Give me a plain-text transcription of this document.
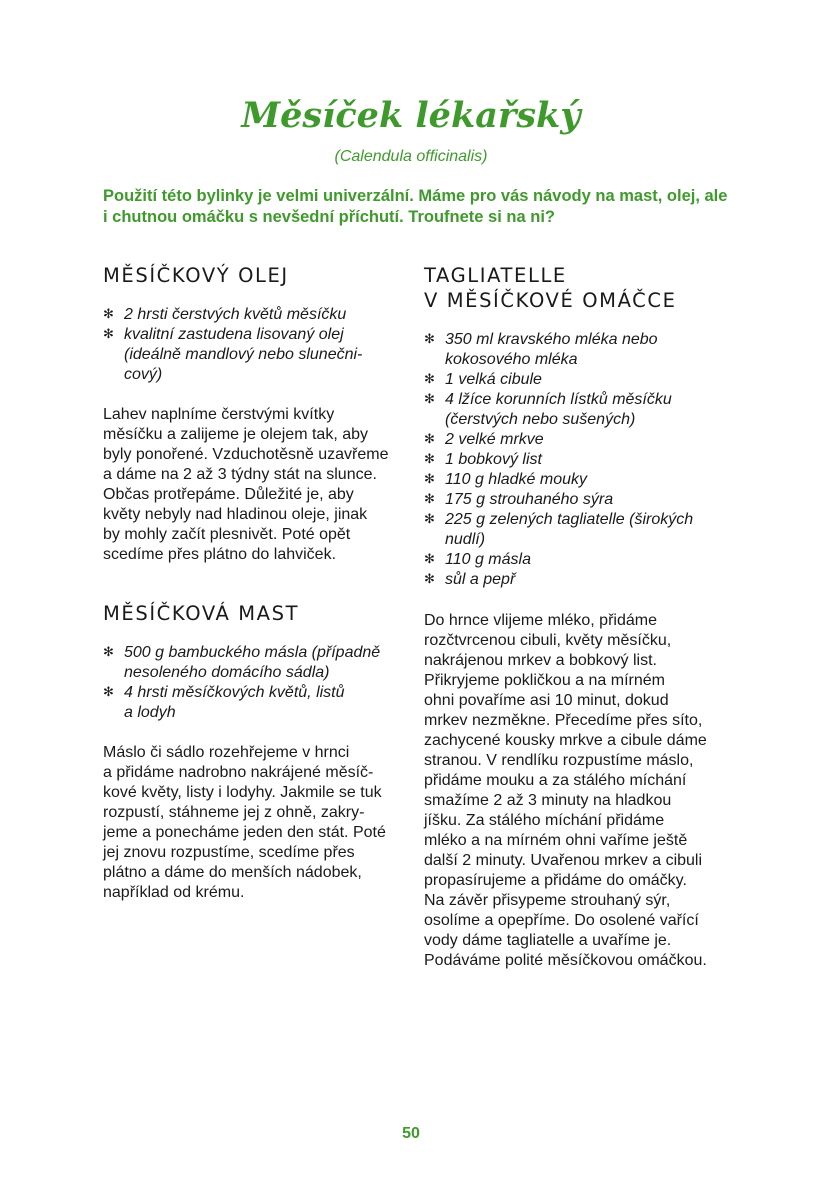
Měsíček lékařský
(Calendula officinalis)

Použití této bylinky je velmi univerzální. Máme pro vás návody na mast, olej, ale
i chutnou omáčku s nevšední příchutí. Troufnete si na ni?

MĚSÍČKOVÝ OLEJ
✻ 2 hrsti čerstvých květů měsíčku
✻ kvalitní zastudena lisovaný olej
(ideálně mandlový nebo slunečni-
cový)

Lahev naplníme čerstvými kvítky
měsíčku a zalijeme je olejem tak, aby
byly ponořené. Vzduchotěsně uzavřeme
a dáme na 2 až 3 týdny stát na slunce.
Občas protřepáme. Důležité je, aby
květy nebyly nad hladinou oleje, jinak
by mohly začít plesnivět. Poté opět
scedíme přes plátno do lahviček.

MĚSÍČKOVÁ MAST
✻ 500 g bambuckého másla (případně
nesoleného domácího sádla)
✻ 4 hrsti měsíčkových květů, listů
a lodyh

Máslo či sádlo rozehřejeme v hrnci
a přidáme nadrobno nakrájené měsíč-
kové květy, listy i lodyhy. Jakmile se tuk
rozpustí, stáhneme jej z ohně, zakry-
jeme a ponecháme jeden den stát. Poté
jej znovu rozpustíme, scedíme přes
plátno a dáme do menších nádobek,
například od krému.

TAGLIATELLE
V MĚSÍČKOVÉ OMÁČCE
✻ 350 ml kravského mléka nebo
kokosového mléka
✻ 1 velká cibule
✻ 4 lžíce korunních lístků měsíčku
(čerstvých nebo sušených)
✻ 2 velké mrkve
✻ 1 bobkový list
✻ 110 g hladké mouky
✻ 175 g strouhaného sýra
✻ 225 g zelených tagliatelle (širokých
nudlí)
✻ 110 g másla
✻ sůl a pepř

Do hrnce vlijeme mléko, přidáme
rozčtvrcenou cibuli, květy měsíčku,
nakrájenou mrkev a bobkový list.
Přikryjeme pokličkou a na mírném
ohni povaříme asi 10 minut, dokud
mrkev nezměkne. Přecedíme přes síto,
zachycené kousky mrkve a cibule dáme
stranou. V rendlíku rozpustíme máslo,
přidáme mouku a za stálého míchání
smažíme 2 až 3 minuty na hladkou
jíšku. Za stálého míchání přidáme
mléko a na mírném ohni vaříme ještě
další 2 minuty. Uvařenou mrkev a cibuli
propasírujeme a přidáme do omáčky.
Na závěr přisypeme strouhaný sýr,
osolíme a opepříme. Do osolené vařící
vody dáme tagliatelle a uvaříme je.
Podáváme polité měsíčkovou omáčkou.

50
